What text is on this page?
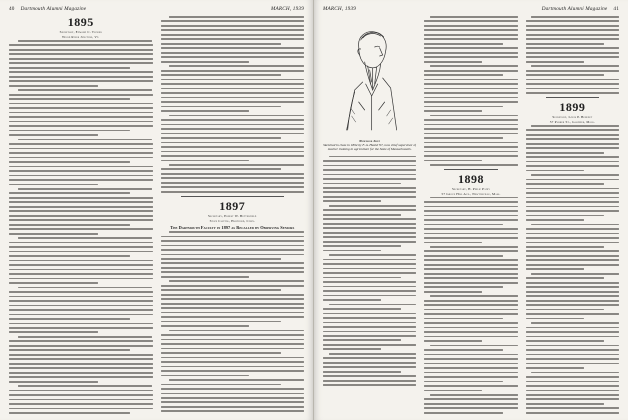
40	Dartmouth Alumni Magazine	MARCH, 1939
1895
Secretary, Edward C. Tucker
Wood River Junction, Vt.
1897
Secretary, Ernest W. Butterfield
State Capitol, Hartford, Conn.
The Dartmouth Faculty in 1897 as Recalled by Observing Seniors
MARCH, 1939	Dartmouth Alumni Magazine	41
Professor Jesup
Sketched in class in 1894 by F. A. Heald '97, now chief supervisor of teacher training in agriculture for the State of Massachusetts.
1898
Secretary, H. Philip Patey
57 Grove Hill Ave., Newtonville, Mass.
1899
Secretary, Louis P. Benezet
57 Parker St., Gardner, Mass.
